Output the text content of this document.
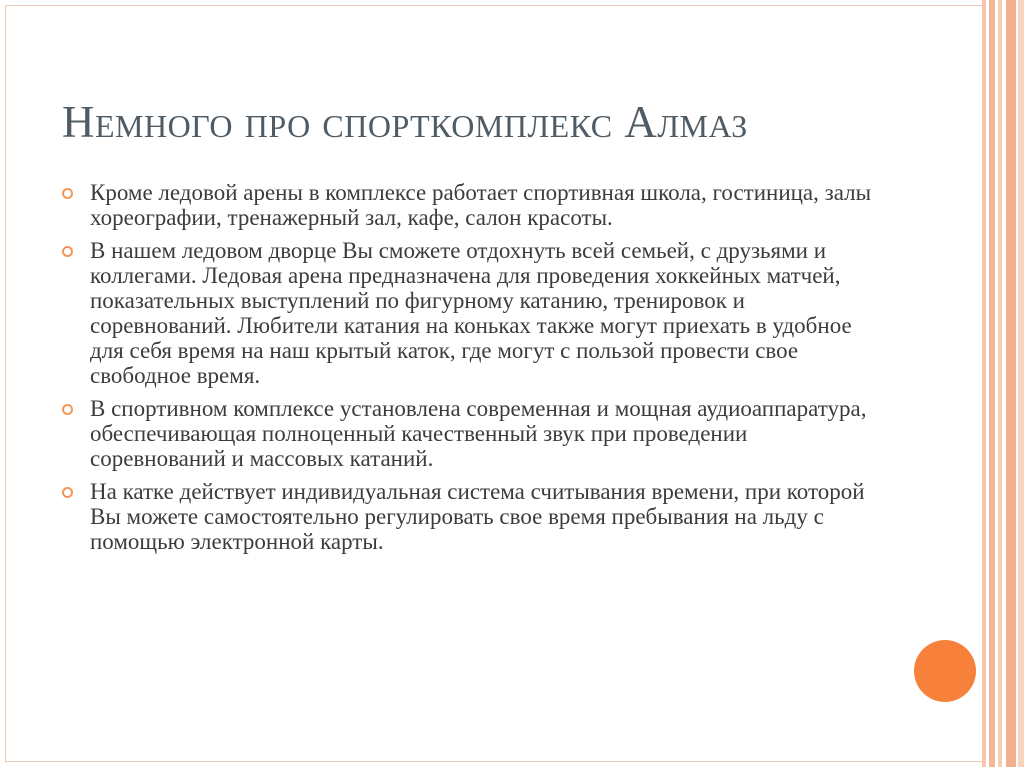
Немного про спорткомплекс Алмаз
Кроме ледовой арены в комплексе работает спортивная школа, гостиница, залы хореографии, тренажерный зал, кафе, салон красоты.
В нашем ледовом дворце Вы сможете отдохнуть всей семьей, с друзьями и коллегами. Ледовая арена предназначена для проведения хоккейных матчей, показательных выступлений по фигурному катанию, тренировок и соревнований. Любители катания на коньках также могут приехать в удобное для себя время на наш крытый каток, где могут с пользой провести свое свободное время.
В спортивном комплексе установлена современная и мощная аудиоаппаратура, обеспечивающая полноценный качественный звук при проведении соревнований и массовых катаний.
На катке действует индивидуальная система считывания времени, при которой Вы можете самостоятельно регулировать свое время пребывания на льду с помощью электронной карты.
